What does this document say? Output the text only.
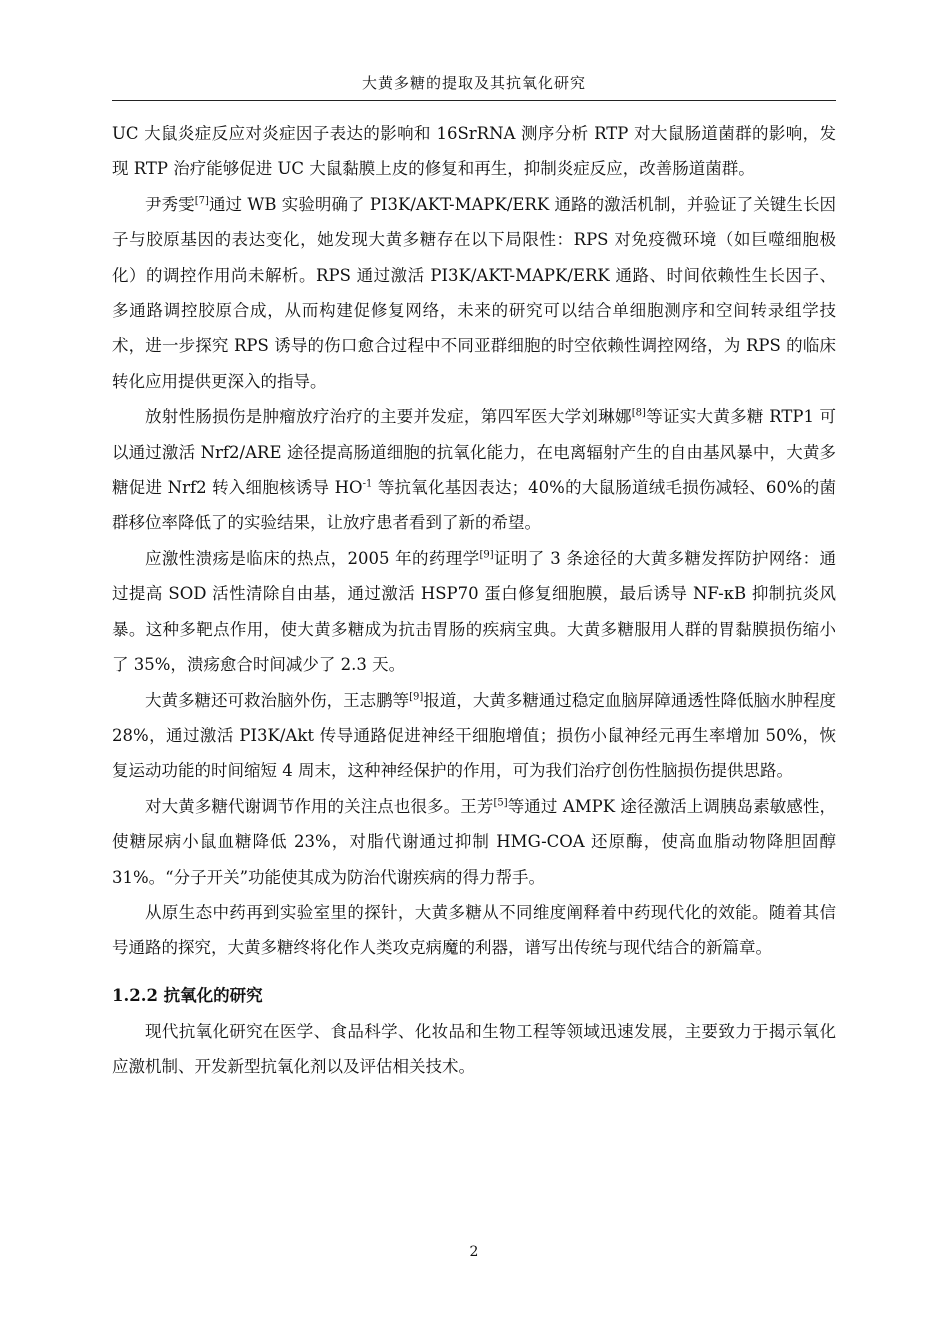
大黄多糖的提取及其抗氧化研究

UC 大鼠炎症反应对炎症因子表达的影响和 16SrRNA 测序分析 RTP 对大鼠肠道菌群的影响，发现 RTP 治疗能够促进 UC 大鼠黏膜上皮的修复和再生，抑制炎症反应，改善肠道菌群。

尹秀雯[7]通过 WB 实验明确了 PI3K/AKT-MAPK/ERK 通路的激活机制，并验证了关键生长因子与胶原基因的表达变化，她发现大黄多糖存在以下局限性：RPS 对免疫微环境（如巨噬细胞极化）的调控作用尚未解析。RPS 通过激活 PI3K/AKT-MAPK/ERK 通路、时间依赖性生长因子、多通路调控胶原合成，从而构建促修复网络，未来的研究可以结合单细胞测序和空间转录组学技术，进一步探究 RPS 诱导的伤口愈合过程中不同亚群细胞的时空依赖性调控网络，为 RPS 的临床转化应用提供更深入的指导。

放射性肠损伤是肿瘤放疗治疗的主要并发症，第四军医大学刘琳娜[8]等证实大黄多糖 RTP1 可以通过激活 Nrf2/ARE 途径提高肠道细胞的抗氧化能力，在电离辐射产生的自由基风暴中，大黄多糖促进 Nrf2 转入细胞核诱导 $HO^{-1}$ 等抗氧化基因表达；40%的大鼠肠道绒毛损伤减轻、60%的菌群移位率降低了的实验结果，让放疗患者看到了新的希望。

应激性溃疡是临床的热点，2005 年的药理学[9]证明了 3 条途径的大黄多糖发挥防护网络：通过提高 SOD 活性清除自由基，通过激活 HSP70 蛋白修复细胞膜，最后诱导 NF-κB 抑制抗炎风暴。这种多靶点作用，使大黄多糖成为抗击胃肠的疾病宝典。大黄多糖服用人群的胃黏膜损伤缩小了 35%，溃疡愈合时间减少了 2.3 天。

大黄多糖还可救治脑外伤，王志鹏等[9]报道，大黄多糖通过稳定血脑屏障通透性降低脑水肿程度 28%，通过激活 PI3K/Akt 传导通路促进神经干细胞增值；损伤小鼠神经元再生率增加 50%，恢复运动功能的时间缩短 4 周末，这种神经保护的作用，可为我们治疗创伤性脑损伤提供思路。

对大黄多糖代谢调节作用的关注点也很多。王芳[5]等通过 AMPK 途径激活上调胰岛素敏感性，使糖尿病小鼠血糖降低 23%，对脂代谢通过抑制 HMG-COA 还原酶，使高血脂动物降胆固醇 31%。“分子开关”功能使其成为防治代谢疾病的得力帮手。

从原生态中药再到实验室里的探针，大黄多糖从不同维度阐释着中药现代化的效能。随着其信号通路的探究，大黄多糖终将化作人类攻克病魔的利器，谱写出传统与现代结合的新篇章。

1.2.2 抗氧化的研究

现代抗氧化研究在医学、食品科学、化妆品和生物工程等领域迅速发展，主要致力于揭示氧化应激机制、开发新型抗氧化剂以及评估相关技术。

2
